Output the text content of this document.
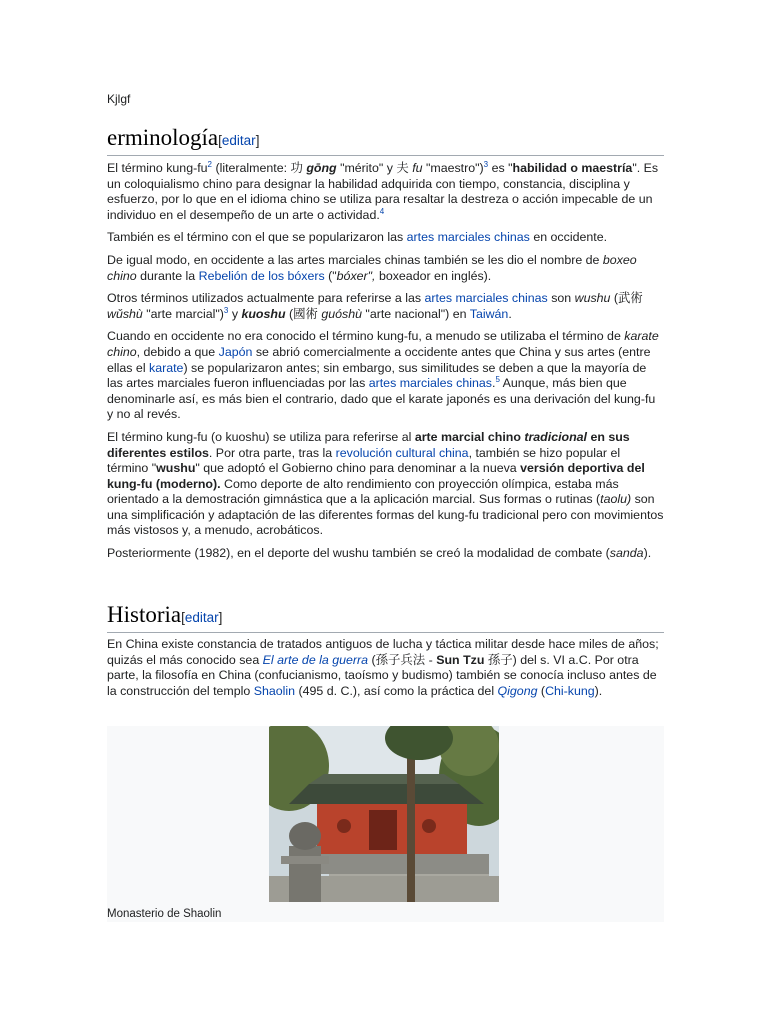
Kjlgf
erminología[editar]

El término kung-fu$^2$ (literalmente: 功 gōng "mérito" y 夫 fu "maestro")$^3$ es "habilidad o maestría". Es un coloquialismo chino para designar la habilidad adquirida con tiempo, constancia, disciplina y esfuerzo, por lo que en el idioma chino se utiliza para resaltar la destreza o acción impecable de un individuo en el desempeño de un arte o actividad.$^4$

También es el término con el que se popularizaron las artes marciales chinas en occidente.

De igual modo, en occidente a las artes marciales chinas también se les dio el nombre de boxeo chino durante la Rebelión de los bóxers ("bóxer", boxeador en inglés).

Otros términos utilizados actualmente para referirse a las artes marciales chinas son wushu (武術 wǔshù "arte marcial")$^3$ y kuoshu (國術 guóshù "arte nacional") en Taiwán.

Cuando en occidente no era conocido el término kung-fu, a menudo se utilizaba el término de karate chino, debido a que Japón se abrió comercialmente a occidente antes que China y sus artes (entre ellas el karate) se popularizaron antes; sin embargo, sus similitudes se deben a que la mayoría de las artes marciales fueron influenciadas por las artes marciales chinas.$^5$ Aunque, más bien que denominarle así, es más bien el contrario, dado que el karate japonés es una derivación del kung-fu y no al revés.

El término kung-fu (o kuoshu) se utiliza para referirse al arte marcial chino tradicional en sus diferentes estilos. Por otra parte, tras la revolución cultural china, también se hizo popular el término "wushu" que adoptó el Gobierno chino para denominar a la nueva versión deportiva del kung-fu (moderno). Como deporte de alto rendimiento con proyección olímpica, estaba más orientado a la demostración gimnástica que a la aplicación marcial. Sus formas o rutinas (taolu) son una simplificación y adaptación de las diferentes formas del kung-fu tradicional pero con movimientos más vistosos y, a menudo, acrobáticos.

Posteriormente (1982), en el deporte del wushu también se creó la modalidad de combate (sanda).

Historia[editar]

En China existe constancia de tratados antiguos de lucha y táctica militar desde hace miles de años; quizás el más conocido sea El arte de la guerra (孫子兵法 - Sun Tzu 孫子) del s. VI a.C. Por otra parte, la filosofía en China (confucianismo, taoísmo y budismo) también se conocía incluso antes de la construcción del templo Shaolin (495 d. C.), así como la práctica del Qigong (Chi-kung).

Monasterio de Shaolin
